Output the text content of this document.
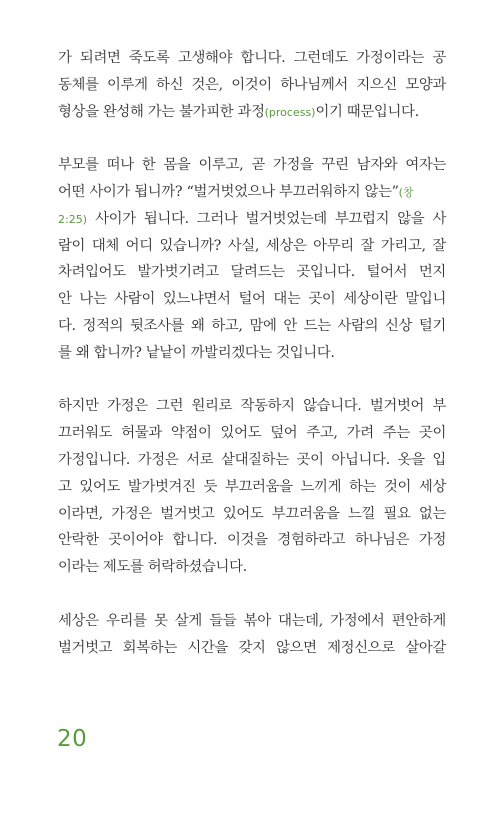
가 되려면 죽도록 고생해야 합니다. 그런데도 가정이라는 공
동체를 이루게 하신 것은, 이것이 하나님께서 지으신 모양과
형상을 완성해 가는 불가피한 과정(process)이기 때문입니다.
부모를 떠나 한 몸을 이루고, 곧 가정을 꾸린 남자와 여자는
어떤 사이가 됩니까? “벌거벗었으나 부끄러워하지 않는”(창
2:25) 사이가 됩니다. 그러나 벌거벗었는데 부끄럽지 않을 사
람이 대체 어디 있습니까? 사실, 세상은 아무리 잘 가리고, 잘
차려입어도 발가벗기려고 달려드는 곳입니다. 털어서 먼지
안 나는 사람이 있느냐면서 털어 대는 곳이 세상이란 말입니
다. 정적의 뒷조사를 왜 하고, 맘에 안 드는 사람의 신상 털기
를 왜 합니까? 낱낱이 까발리겠다는 것입니다.
하지만 가정은 그런 원리로 작동하지 않습니다. 벌거벗어 부
끄러워도 허물과 약점이 있어도 덮어 주고, 가려 주는 곳이
가정입니다. 가정은 서로 샅대질하는 곳이 아닙니다. 옷을 입
고 있어도 발가벗겨진 듯 부끄러움을 느끼게 하는 것이 세상
이라면, 가정은 벌거벗고 있어도 부끄러움을 느낄 필요 없는
안락한 곳이어야 합니다. 이것을 경험하라고 하나님은 가정
이라는 제도를 허락하셨습니다.
세상은 우리를 못 살게 들들 볶아 대는데, 가정에서 편안하게
벌거벗고 회복하는 시간을 갖지 않으면 제정신으로 살아갈
20
